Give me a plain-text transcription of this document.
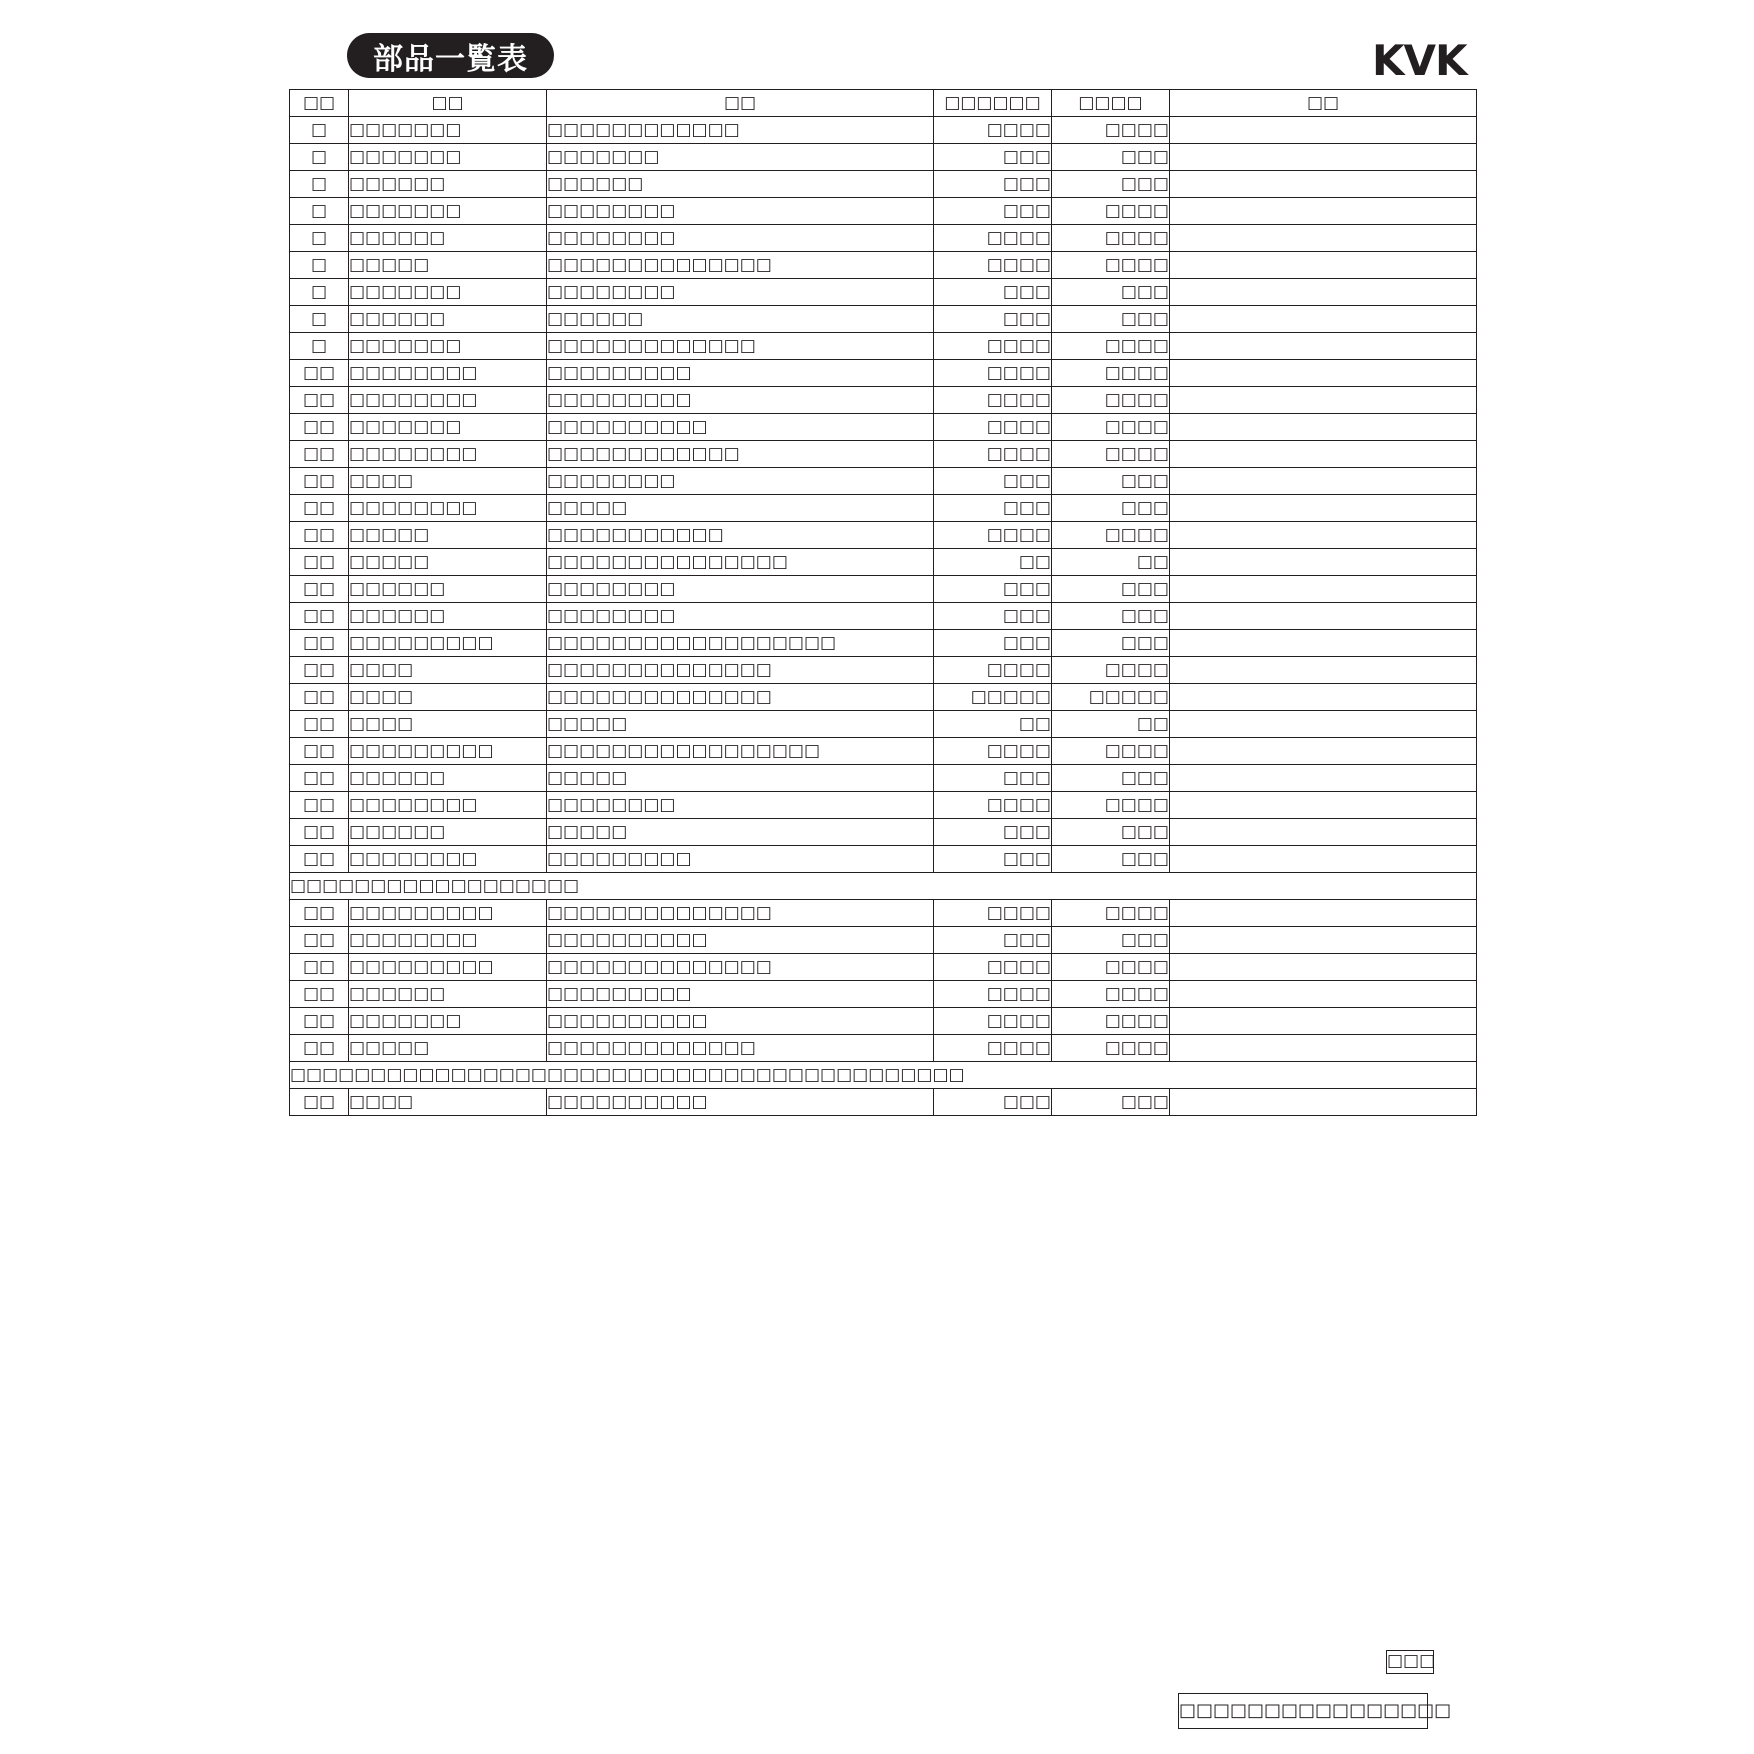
部品一覧表	KVK
□□	□□	□□	□□□□□□	□□□□	□□
□	□□□□□□□	□□□□□□□□□□□□	□□□□	□□□□	
□	□□□□□□□	□□□□□□□	□□□	□□□	
□	□□□□□□	□□□□□□	□□□	□□□	
□	□□□□□□□	□□□□□□□□	□□□	□□□□	
□	□□□□□□	□□□□□□□□	□□□□	□□□□	
□	□□□□□	□□□□□□□□□□□□□□	□□□□	□□□□	
□	□□□□□□□	□□□□□□□□	□□□	□□□	
□	□□□□□□	□□□□□□	□□□	□□□	
□	□□□□□□□	□□□□□□□□□□□□□	□□□□	□□□□	
□□	□□□□□□□□	□□□□□□□□□	□□□□	□□□□	
□□	□□□□□□□□	□□□□□□□□□	□□□□	□□□□	
□□	□□□□□□□	□□□□□□□□□□	□□□□	□□□□	
□□	□□□□□□□□	□□□□□□□□□□□□	□□□□	□□□□	
□□	□□□□	□□□□□□□□	□□□	□□□	
□□	□□□□□□□□	□□□□□	□□□	□□□	
□□	□□□□□	□□□□□□□□□□□	□□□□	□□□□	
□□	□□□□□	□□□□□□□□□□□□□□□	□□	□□	
□□	□□□□□□	□□□□□□□□	□□□	□□□	
□□	□□□□□□	□□□□□□□□	□□□	□□□	
□□	□□□□□□□□□	□□□□□□□□□□□□□□□□□□	□□□	□□□	
□□	□□□□	□□□□□□□□□□□□□□	□□□□	□□□□	
□□	□□□□	□□□□□□□□□□□□□□	□□□□□	□□□□□	
□□	□□□□	□□□□□	□□	□□	
□□	□□□□□□□□□	□□□□□□□□□□□□□□□□□	□□□□	□□□□	
□□	□□□□□□	□□□□□	□□□	□□□	
□□	□□□□□□□□	□□□□□□□□	□□□□	□□□□	
□□	□□□□□□	□□□□□	□□□	□□□	
□□	□□□□□□□□	□□□□□□□□□	□□□	□□□	
□□□□□□□□□□□□□□□□□□					
□□	□□□□□□□□□	□□□□□□□□□□□□□□	□□□□	□□□□	
□□	□□□□□□□□	□□□□□□□□□□	□□□	□□□	
□□	□□□□□□□□□	□□□□□□□□□□□□□□	□□□□	□□□□	
□□	□□□□□□	□□□□□□□□□	□□□□	□□□□	
□□	□□□□□□□	□□□□□□□□□□	□□□□	□□□□	
□□	□□□□□	□□□□□□□□□□□□□	□□□□	□□□□	
□□□□□□□□□□□□□□□□□□□□□□□□□□□□□□□□□□□□□□□□□□					
□□	□□□□	□□□□□□□□□□	□□□	□□□	
□□□
□□□□□□□□□□□□□□□□
